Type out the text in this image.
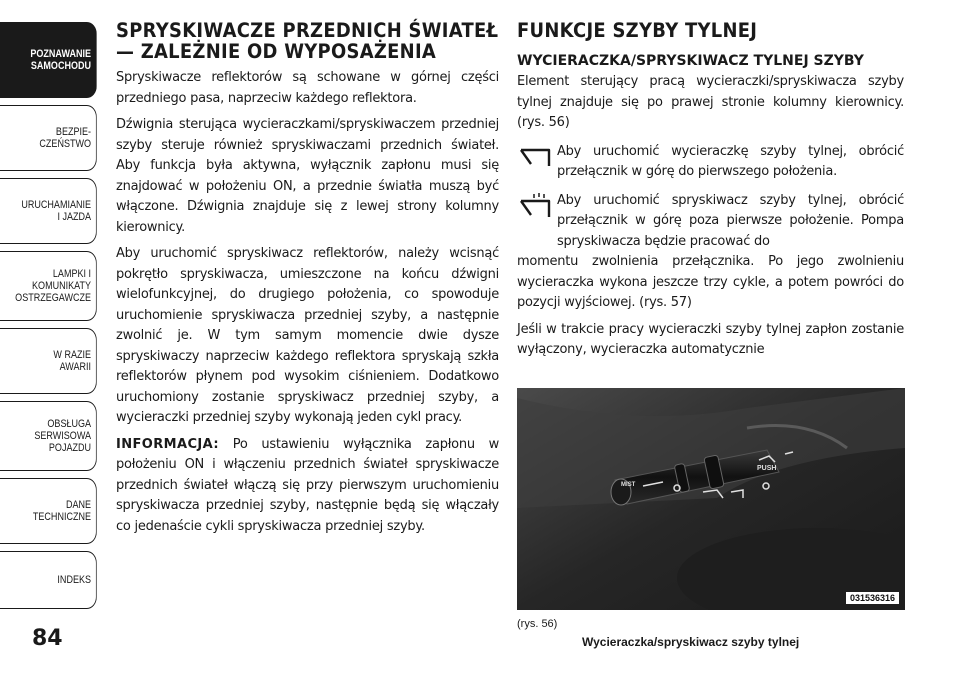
POZNAWANIE
SAMOCHODU
BEZPIE-
CZEŃSTWO
URUCHAMIANIE
I JAZDA
LAMPKI I
KOMUNIKATY
OSTRZEGAWCZE
W RAZIE
AWARII
OBSŁUGA
SERWISOWA
POJAZDU
DANE
TECHNICZNE
INDEKS
84
SPRYSKIWACZE PRZEDNICH ŚWIATEŁ — ZALEŻNIE OD WYPOSAŻENIA

Spryskiwacze reflektorów są schowane w górnej części przedniego pasa, naprzeciw każdego reflektora.

Dźwignia sterująca wycieraczkami/spryskiwaczem przedniej szyby steruje również spryskiwaczami przednich świateł. Aby funkcja była aktywna, wyłącznik zapłonu musi się znajdować w położeniu ON, a przednie światła muszą być włączone. Dźwignia znajduje się z lewej strony kolumny kierownicy.

Aby uruchomić spryskiwacz reflektorów, należy wcisnąć pokrętło spryskiwacza, umieszczone na końcu dźwigni wielofunkcyjnej, do drugiego położenia, co spowoduje uruchomienie spryskiwacza przedniej szyby, a następnie zwolnić je. W tym samym momencie dwie dysze spryskiwaczy naprzeciw każdego reflektora spryskają szkła reflektorów płynem pod wysokim ciśnieniem. Dodatkowo uruchomiony zostanie spryskiwacz przedniej szyby, a wycieraczki przedniej szyby wykonają jeden cykl pracy.

INFORMACJA: Po ustawieniu wyłącznika zapłonu w położeniu ON i włączeniu przednich świateł spryskiwacze przednich świateł włączą się przy pierwszym uruchomieniu spryskiwacza przedniej szyby, następnie będą się włączały co jedenaście cykli spryskiwacza przedniej szyby.

FUNKCJE SZYBY TYLNEJ
WYCIERACZKA/SPRYSKIWACZ TYLNEJ SZYBY

Element sterujący pracą wycieraczki/spryskiwacza szyby tylnej znajduje się po prawej stronie kolumny kierownicy. (rys. 56)

Aby uruchomić wycieraczkę szyby tylnej, obrócić przełącznik w górę do pierwszego położenia.

Aby uruchomić spryskiwacz szyby tylnej, obrócić przełącznik w górę poza pierwsze położenie. Pompa spryskiwacza będzie pracować do

momentu zwolnienia przełącznika. Po jego zwolnieniu wycieraczka wykona jeszcze trzy cykle, a potem powróci do pozycji wyjściowej. (rys. 57)

Jeśli w trakcie pracy wycieraczki szyby tylnej zapłon zostanie wyłączony, wycieraczka automatycznie

PUSH
MIST
031536316
(rys. 56)
Wycieraczka/spryskiwacz szyby tylnej
